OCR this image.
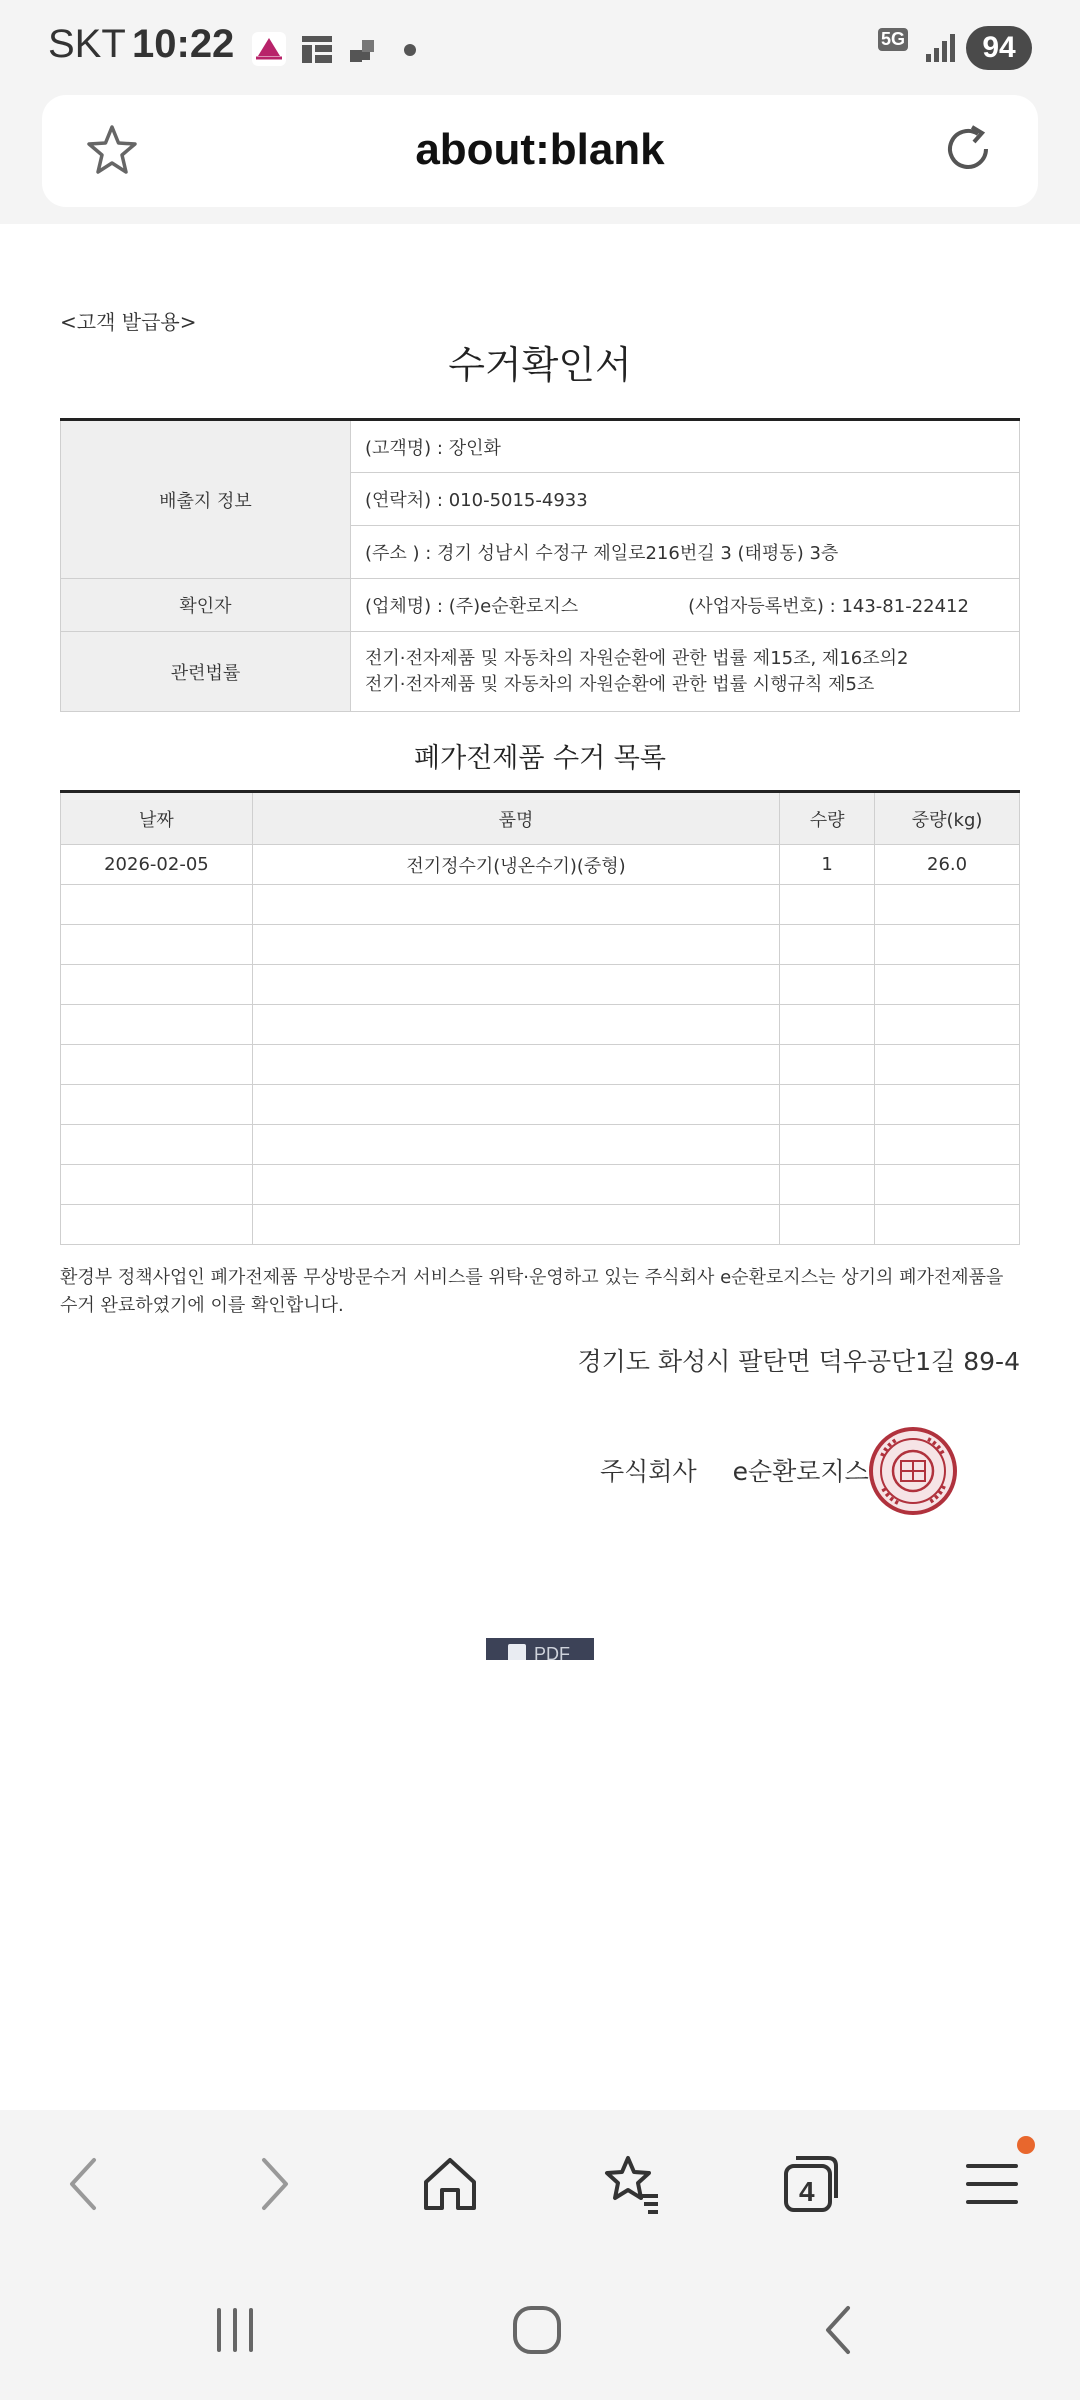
SKT 10:22	5G	94
about:blank
<고객 발급용>
수거확인서
배출지 정보	(고객명) : 장인화
	(연락처) : 010-5015-4933
	(주소 ) : 경기 성남시 수정구 제일로216번길 3 (태평동) 3층
확인자	(업체명) : (주)e순환로지스 (사업자등록번호) : 143-81-22412
관련법률	전기·전자제품 및 자동차의 자원순환에 관한 법률 제15조, 제16조의2
전기·전자제품 및 자동차의 자원순환에 관한 법률 시행규칙 제5조
폐가전제품 수거 목록
날짜	품명	수량	중량(kg)
2026-02-05	전기정수기(냉온수기)(중형)	1	26.0

환경부 정책사업인 폐가전제품 무상방문수거 서비스를 위탁·운영하고 있는 주식회사 e순환로지스는 상기의 폐가전제품을 수거 완료하였기에 이를 확인합니다.
경기도 화성시 팔탄면 덕우공단1길 89-4
주식회사 e순환로지스
PDF
4
